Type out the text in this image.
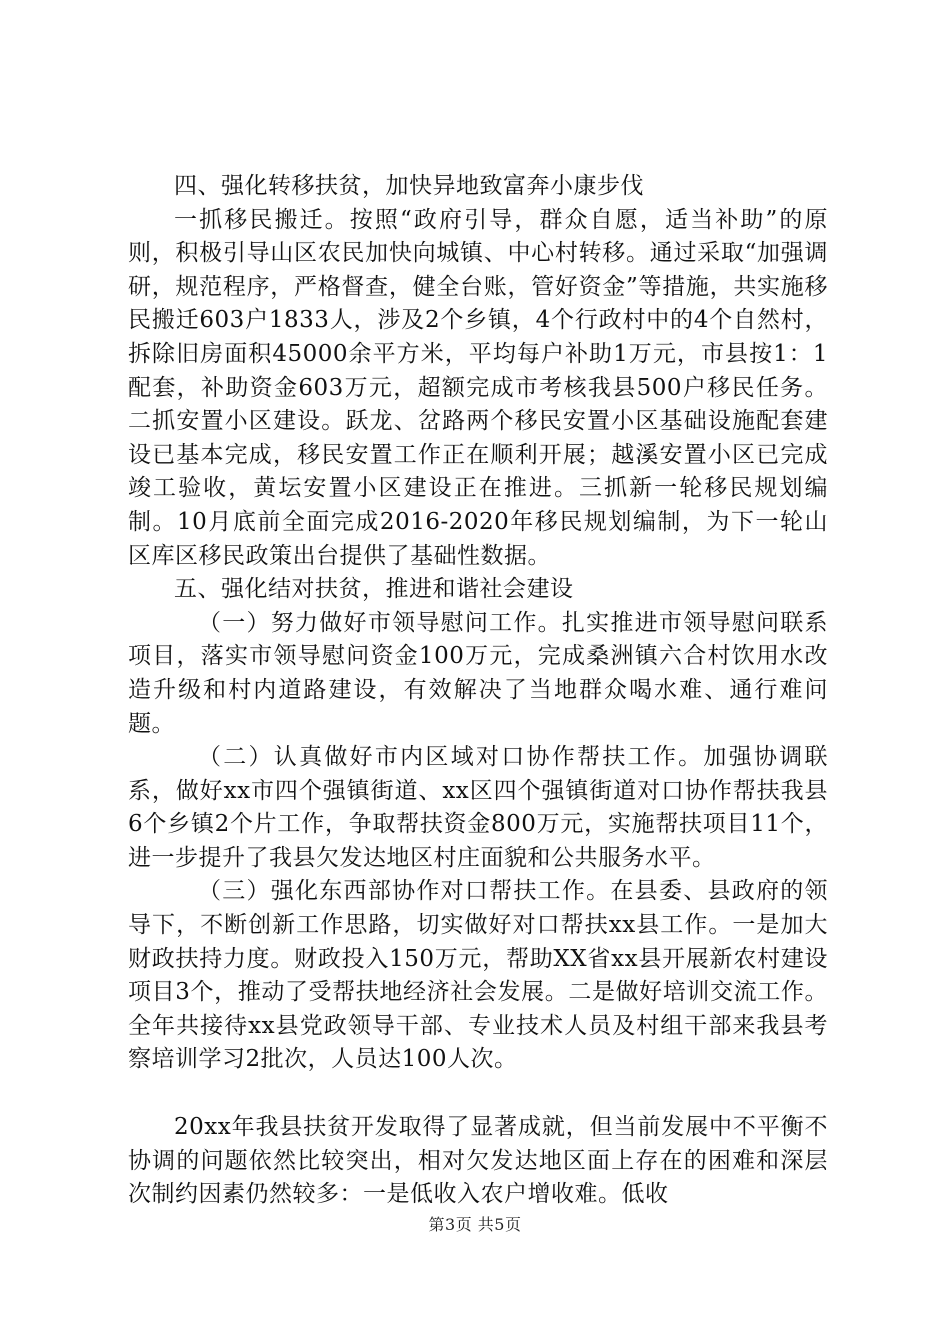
四、强化转移扶贫，加快异地致富奔小康步伐

一抓移民搬迁。按照“政府引导，群众自愿，适当补助”的原则，积极引导山区农民加快向城镇、中心村转移。通过采取“加强调研，规范程序，严格督查，健全台账，管好资金”等措施，共实施移民搬迁603户1833人，涉及2个乡镇，4个行政村中的4个自然村，拆除旧房面积45000余平方米，平均每户补助1万元，市县按1：1配套，补助资金603万元，超额完成市考核我县500户移民任务。二抓安置小区建设。跃龙、岔路两个移民安置小区基础设施配套建设已基本完成，移民安置工作正在顺利开展；越溪安置小区已完成竣工验收，黄坛安置小区建设正在推进。三抓新一轮移民规划编制。10月底前全面完成2016-2020年移民规划编制，为下一轮山区库区移民政策出台提供了基础性数据。

五、强化结对扶贫，推进和谐社会建设

（一）努力做好市领导慰问工作。扎实推进市领导慰问联系项目，落实市领导慰问资金100万元，完成桑洲镇六合村饮用水改造升级和村内道路建设，有效解决了当地群众喝水难、通行难问题。

（二）认真做好市内区域对口协作帮扶工作。加强协调联系，做好xx市四个强镇街道、xx区四个强镇街道对口协作帮扶我县6个乡镇2个片工作，争取帮扶资金800万元，实施帮扶项目11个，进一步提升了我县欠发达地区村庄面貌和公共服务水平。

（三）强化东西部协作对口帮扶工作。在县委、县政府的领导下，不断创新工作思路，切实做好对口帮扶xx县工作。一是加大财政扶持力度。财政投入150万元，帮助XX省xx县开展新农村建设项目3个，推动了受帮扶地经济社会发展。二是做好培训交流工作。全年共接待xx县党政领导干部、专业技术人员及村组干部来我县考察培训学习2批次，人员达100人次。

20xx年我县扶贫开发取得了显著成就，但当前发展中不平衡不协调的问题依然比较突出，相对欠发达地区面上存在的困难和深层次制约因素仍然较多：一是低收入农户增收难。低收

第3页 共5页
